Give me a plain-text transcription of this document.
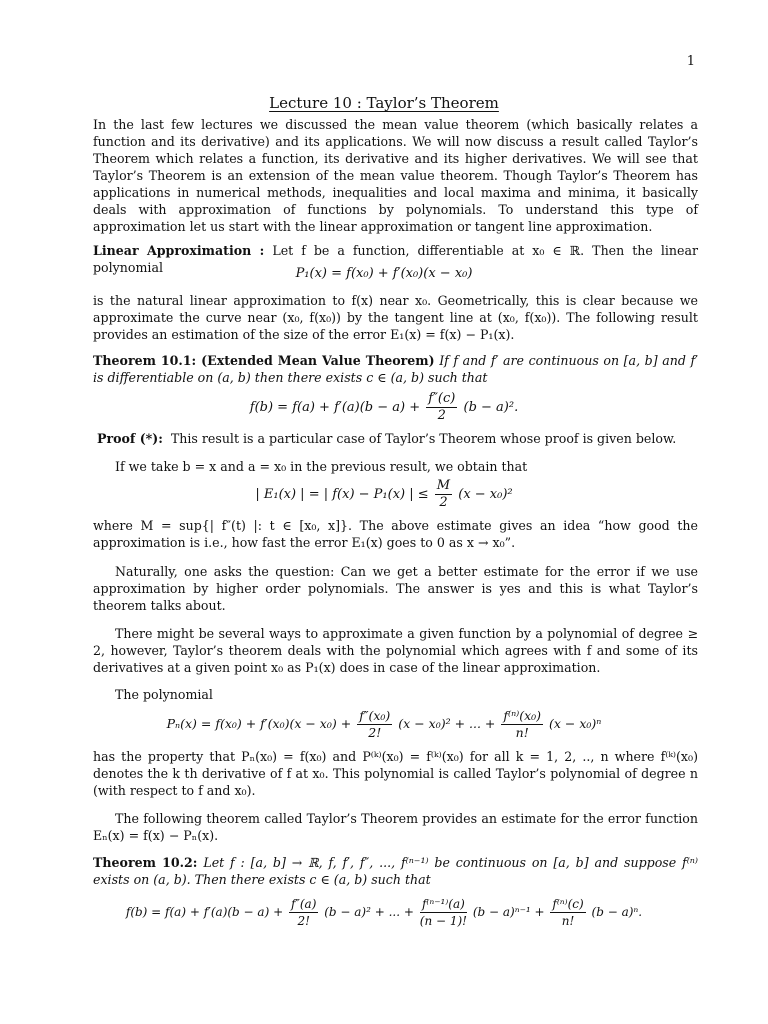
1
Lecture 10 : Taylor’s Theorem

In the last few lectures we discussed the mean value theorem (which basically relates a function and its derivative) and its applications. We will now discuss a result called Taylor’s Theorem which relates a function, its derivative and its higher derivatives. We will see that Taylor’s Theorem is an extension of the mean value theorem. Though Taylor’s Theorem has applications in numerical methods, inequalities and local maxima and minima, it basically deals with approximation of functions by polynomials. To understand this type of approximation let us start with the linear approximation or tangent line approximation.

Linear Approximation : Let f be a function, differentiable at x₀ ∈ ℝ. Then the linear polynomial	P₁(x) = f(x₀) + f′(x₀)(x − x₀)

is the natural linear approximation to f(x) near x₀. Geometrically, this is clear because we approximate the curve near (x₀, f(x₀)) by the tangent line at (x₀, f(x₀)). The following result provides an estimation of the size of the error E₁(x) = f(x) − P₁(x).

Theorem 10.1: (Extended Mean Value Theorem) If f and f′ are continuous on [a, b] and f′ is differentiable on (a, b) then there exists c ∈ (a, b) such that

$f(b) = f(a) + f'(a)(b - a) + \frac{f''(c)}{2} (b - a)^2$.

Proof (*): This result is a particular case of Taylor’s Theorem whose proof is given below.

If we take b = x and a = x₀ in the previous result, we obtain that

| E₁(x) | = | f(x) − P₁(x) | ≤ $\frac{M}{2} (x - x_0)^2$

where M = sup{| f″(t) |: t ∈ [x₀, x]}. The above estimate gives an idea “how good the approximation is i.e., how fast the error E₁(x) goes to 0 as x → x₀”.

Naturally, one asks the question: Can we get a better estimate for the error if we use approximation by higher order polynomials. The answer is yes and this is what Taylor’s theorem talks about.

There might be several ways to approximate a given function by a polynomial of degree ≥ 2, however, Taylor’s theorem deals with the polynomial which agrees with f and some of its derivatives at a given point x₀ as P₁(x) does in case of the linear approximation.

The polynomial

$P_n(x) = f(x_0) + f'(x_0)(x - x_0) + \frac{\text{f″(x₀)}}{2!} (x - x_0)^2$ + ... + $\frac{\text{f⁽ⁿ⁾(x₀)}}{n!} (x - x_0)^n$

has the property that Pₙ(x₀) = f(x₀) and P⁽ᵏ⁾(x₀) = f⁽ᵏ⁾(x₀) for all k = 1, 2, .., n where f⁽ᵏ⁾(x₀) denotes the k th derivative of f at x₀. This polynomial is called Taylor’s polynomial of degree n (with respect to f and x₀).

The following theorem called Taylor’s Theorem provides an estimate for the error function Eₙ(x) = f(x) − Pₙ(x).

Theorem 10.2: Let f : [a, b] → ℝ, f, f′, f″, ..., f⁽ⁿ⁻¹⁾ be continuous on [a, b] and suppose f⁽ⁿ⁾ exists on (a, b). Then there exists c ∈ (a, b) such that

$f(b) = f(a) + f'(a)(b - a) + \frac{f''(a)}{2!} (b - a)^2$ + ... + $\frac{\text{f⁽ⁿ⁻¹⁾(a)}}{(n - 1)!} (b - a)^{n-1} + \frac{\text{f⁽ⁿ⁾(c)}}{n!} (b - a)^n$.
